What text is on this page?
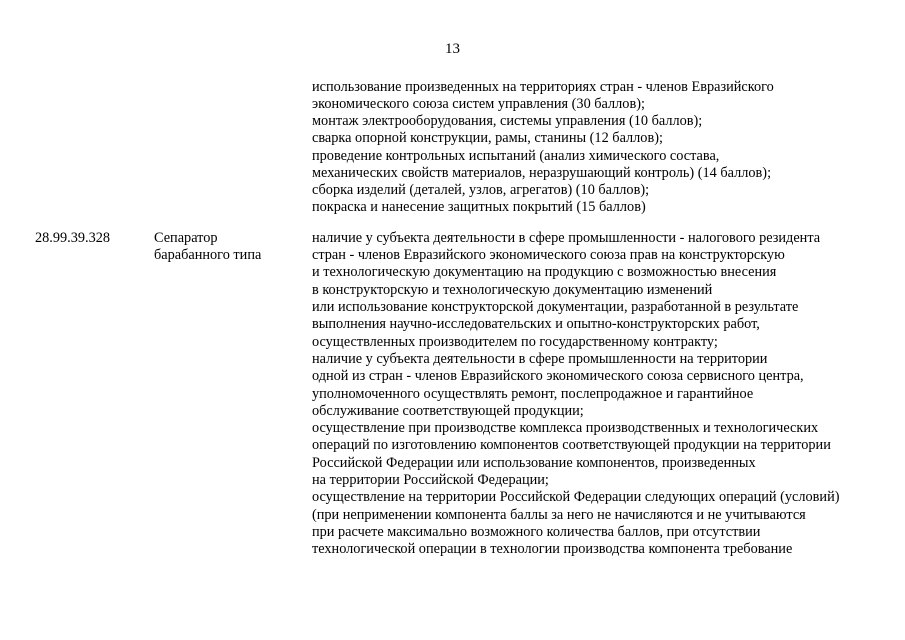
13
использование произведенных на территориях стран - членов Евразийского
экономического союза систем управления (30 баллов);
монтаж электрооборудования, системы управления (10 баллов);
сварка опорной конструкции, рамы, станины (12 баллов);
проведение контрольных испытаний (анализ химического состава,
механических свойств материалов, неразрушающий контроль) (14 баллов);
сборка изделий (деталей, узлов, агрегатов) (10 баллов);
покраска и нанесение защитных покрытий (15 баллов)
28.99.39.328	Сепаратор
барабанного типа
наличие у субъекта деятельности в сфере промышленности - налогового резидента
стран - членов Евразийского экономического союза прав на конструкторскую
и технологическую документацию на продукцию с возможностью внесения
в конструкторскую и технологическую документацию изменений
или использование конструкторской документации, разработанной в результате
выполнения научно-исследовательских и опытно-конструкторских работ,
осуществленных производителем по государственному контракту;
наличие у субъекта деятельности в сфере промышленности на территории
одной из стран - членов Евразийского экономического союза сервисного центра,
уполномоченного осуществлять ремонт, послепродажное и гарантийное
обслуживание соответствующей продукции;
осуществление при производстве комплекса производственных и технологических
операций по изготовлению компонентов соответствующей продукции на территории
Российской Федерации или использование компонентов, произведенных
на территории Российской Федерации;
осуществление на территории Российской Федерации следующих операций (условий)
(при неприменении компонента баллы за него не начисляются и не учитываются
при расчете максимально возможного количества баллов, при отсутствии
технологической операции в технологии производства компонента требование
